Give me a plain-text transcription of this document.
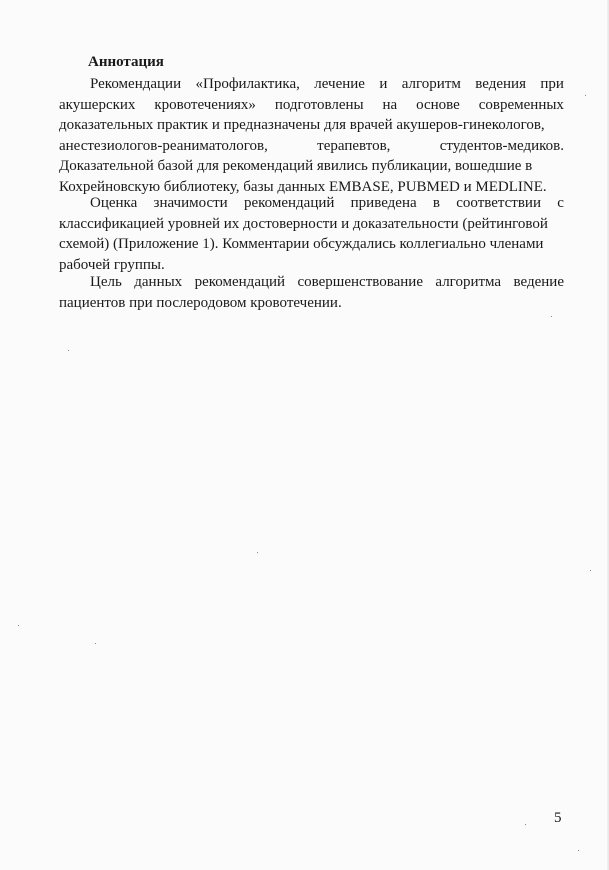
Аннотация
Рекомендации «Профилактика, лечение и алгоритм ведения при
акушерских кровотечениях» подготовлены на основе современных
доказательных практик и предназначены для врачей акушеров-гинекологов,
анестезиологов-реаниматологов,	терапевтов,	студентов-медиков.
Доказательной базой для рекомендаций явились публикации, вошедшие в
Кохрейновскую библиотеку, базы данных EMBASE, PUBMED и MEDLINE.
Оценка значимости рекомендаций приведена в соответствии с
классификацией уровней их достоверности и доказательности (рейтинговой
схемой) (Приложение 1). Комментарии обсуждались коллегиально членами
рабочей группы.
Цель данных рекомендаций совершенствование алгоритма ведение
пациентов при послеродовом кровотечении.
5
